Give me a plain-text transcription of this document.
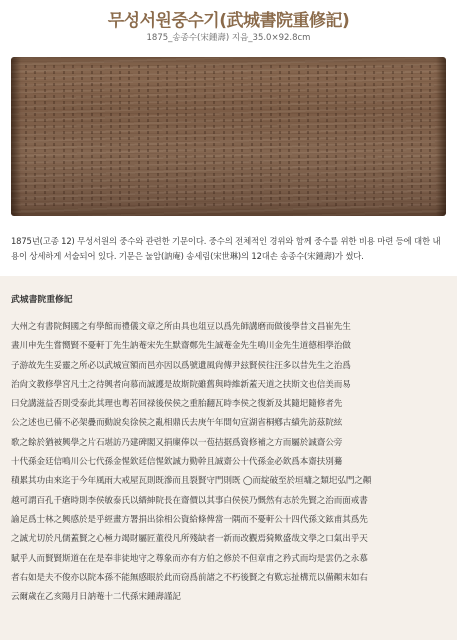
무성서원중수기(武城書院重修記)
1875_송종수(宋鍾壽) 지음_35.0×92.8cm
1875년(고종 12) 무성서원의 중수와 관련한 기문이다. 중수의 전체적인 경위와 함께 중수를 위한 비용 마련 등에 대한 내용이 상세하게 서술되어 있다. 기문은 눌암(訥庵) 송세림(宋世琳)의 12대손 송종수(宋鍾壽)가 썼다.
武城書院重修記
大州之有書院飼國之有學館而禮儀文章之所由具也俎豆以爲先師講磨而做後學昔文昌崔先生
晝川申先生嘗嚮賢不憂軒丁先生訥菴宋先生默齋鄭先生誠菴金先生鳴川金先生道德相學治做
子游故先生妥靈之所必以武城宣額而邑亦因以爲號遺風尙傳尹玆賢侯往汪多以昔先生之治爲
治尙文教修學宮凡士之待興者向慕而誠護是故斯院雖舊與時維新蓋天道之扶斯文也信美而易
曰兌講滋益否則受泰此其理也粵若回禄後侯侯之重胎翻瓦時李侯之復新及其隨圯隨修者先
公之述也已備不必架疊而動說矣徐侯之亂相鼎氏去庚午年間旬宣湖省桐鄕古績先訪茲院絃
歌之餘於猶被興學之片石堪訪乃建碑閣又捐廩俸以一苞拮据爲資修補之方而屬於誠齋公旁
十代孫金廷信鳴川公七代孫金惺欽廷信惺欽誠力勤幹且誠齋公十代孫金必欽爲本齋扶別驀
積累其功由來迄于今年風雨大戒屋瓦則既滲而且裂賢守門則既 ◯而綻破至於垣墉之類圯弘門之顚
越可謂百孔千瘡時則李侯敏泰氏以縉紳院長在齋價以其事白侯侯乃慨然有志於先賢之治而面戒書
諭足爲士林之興感於是乎經畫方署捐出徐相公資給條俾當一隅而不憂軒公十四代孫文鉉甫其爲先
之誠尤切於凡儒蓋賢之心極力竭財屬匠董役凡所殘缺者一新而改觀焉猗歟盛哉文學之口氣出乎天
賦乎人而賢賢斯道在在是奉非徒地守之尊象而亦有方伯之修於不但章甫之矜式而均是雲仍之永慕
者右如是夫不俊亦以院本孫不能無感眼於此而窃爲前諸之不朽後賢之有歎忘扯構荒以備顚末如右
云爾歲在乙亥陽月日訥菴十二代孫宋鍾壽謹記
